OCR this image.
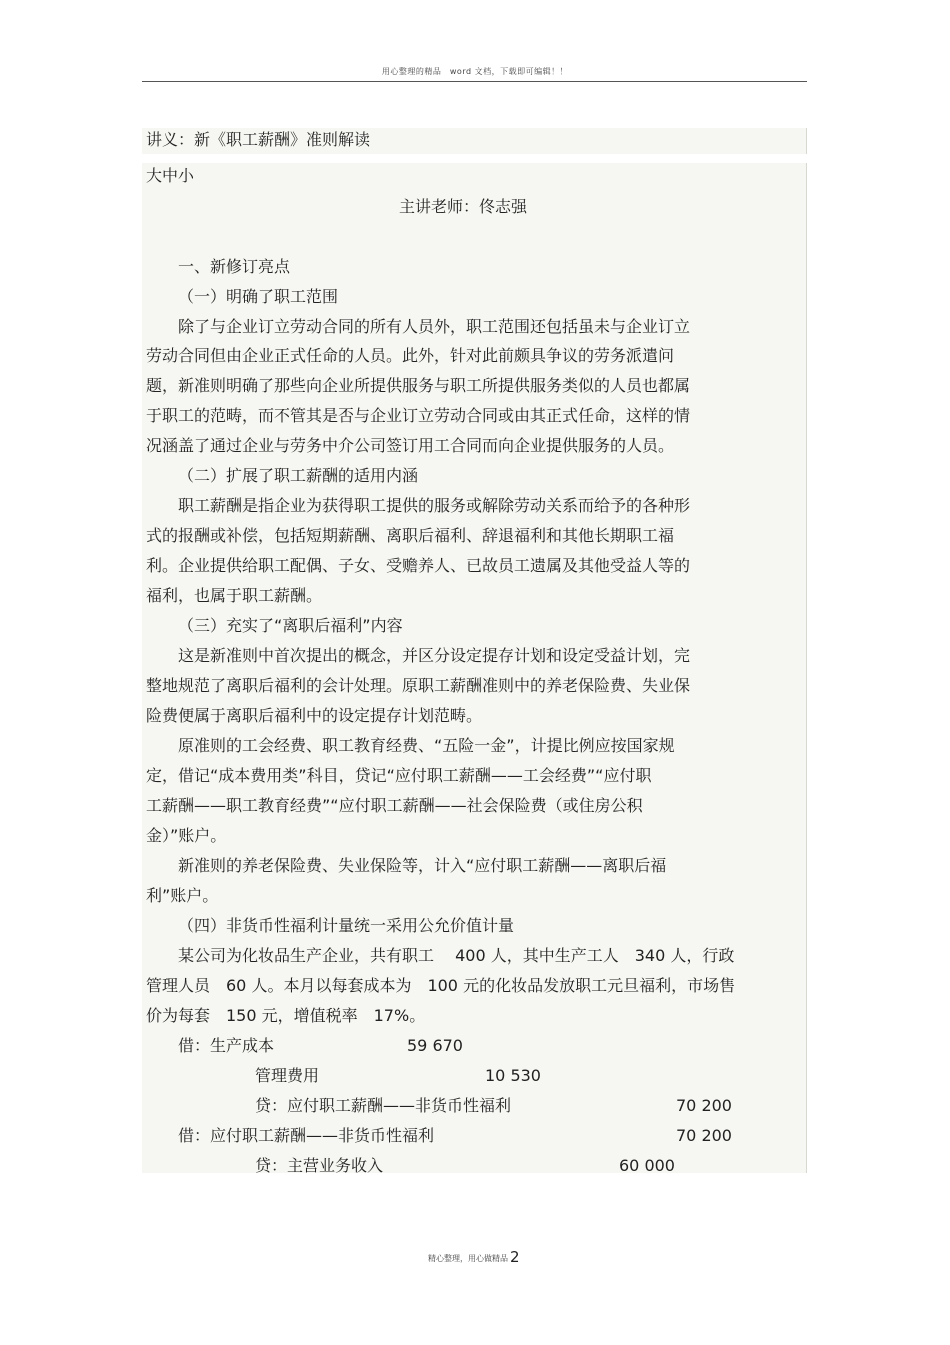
用心整理的精品　word 文档，下载即可编辑！！
讲义：新《职工薪酬》准则解读
大中小
主讲老师：佟志强
一、新修订亮点
（一）明确了职工范围
除了与企业订立劳动合同的所有人员外，职工范围还包括虽未与企业订立
劳动合同但由企业正式任命的人员。此外，针对此前颇具争议的劳务派遣问
题，新准则明确了那些向企业所提供服务与职工所提供服务类似的人员也都属
于职工的范畴，而不管其是否与企业订立劳动合同或由其正式任命，这样的情
况涵盖了通过企业与劳务中介公司签订用工合同而向企业提供服务的人员。
（二）扩展了职工薪酬的适用内涵
职工薪酬是指企业为获得职工提供的服务或解除劳动关系而给予的各种形
式的报酬或补偿，包括短期薪酬、离职后福利、辞退福利和其他长期职工福
利。企业提供给职工配偶、子女、受赡养人、已故员工遗属及其他受益人等的
福利，也属于职工薪酬。
（三）充实了“离职后福利”内容
这是新准则中首次提出的概念，并区分设定提存计划和设定受益计划，完
整地规范了离职后福利的会计处理。原职工薪酬准则中的养老保险费、失业保
险费便属于离职后福利中的设定提存计划范畴。
原准则的工会经费、职工教育经费、“五险一金”，计提比例应按国家规
定，借记“成本费用类”科目，贷记“应付职工薪酬——工会经费”“应付职
工薪酬——职工教育经费”“应付职工薪酬——社会保险费（或住房公积
金）”账户。
新准则的养老保险费、失业保险等，计入“应付职工薪酬——离职后福
利”账户。
（四）非货币性福利计量统一采用公允价值计量
某公司为化妆品生产企业，共有职工　 400 人，其中生产工人　340 人，行政
管理人员　60 人。本月以每套成本为　100 元的化妆品发放职工元旦福利，市场售
价为每套　150 元，增值税率　17%。
借：生产成本	59 670
管理费用	10 530
贷：应付职工薪酬——非货币性福利	70 200
借：应付职工薪酬——非货币性福利	70 200
贷：主营业务收入	60 000
精心整理，用心做精品 2
